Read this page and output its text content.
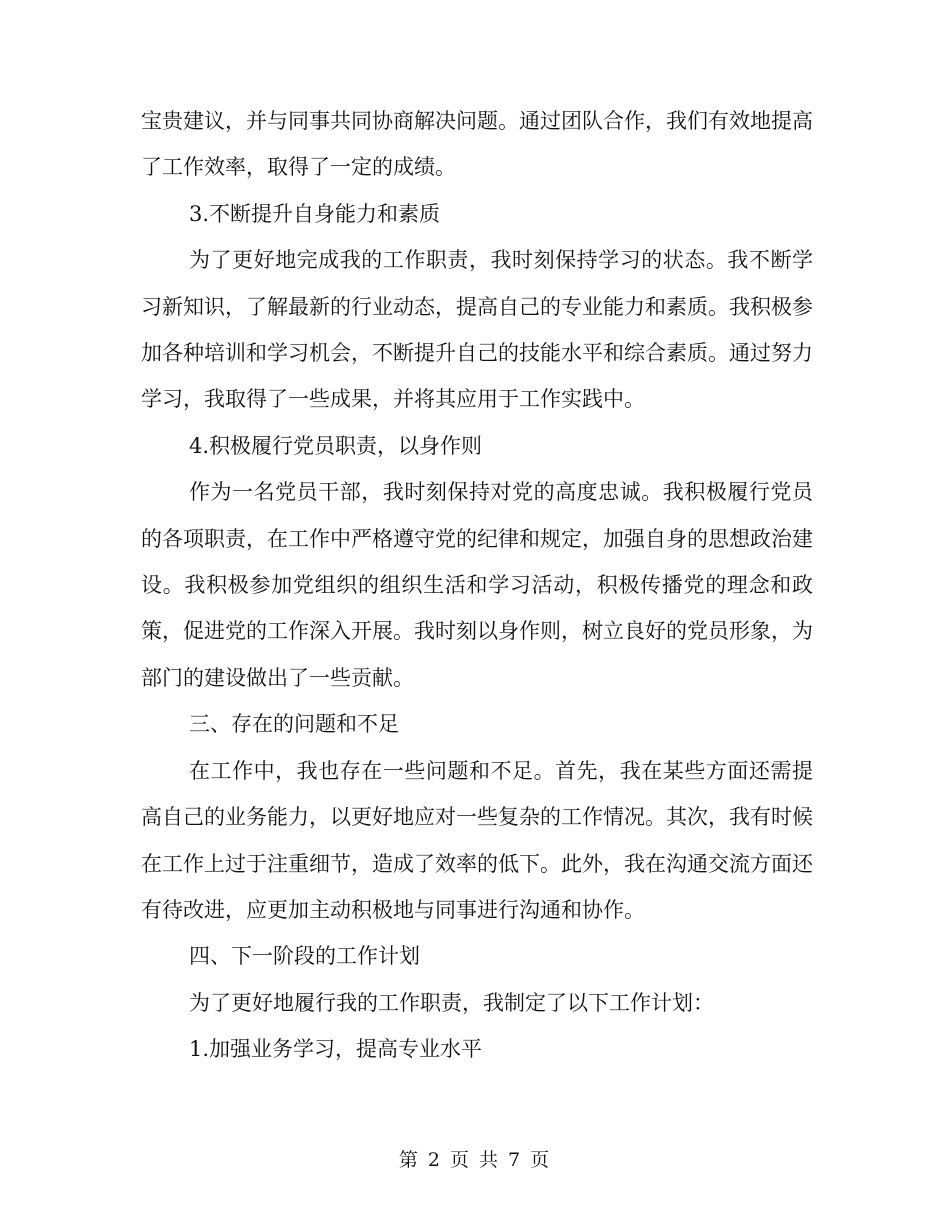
宝贵建议，并与同事共同协商解决问题。通过团队合作，我们有效地提高了工作效率，取得了一定的成绩。

3.不断提升自身能力和素质

为了更好地完成我的工作职责，我时刻保持学习的状态。我不断学习新知识，了解最新的行业动态，提高自己的专业能力和素质。我积极参加各种培训和学习机会，不断提升自己的技能水平和综合素质。通过努力学习，我取得了一些成果，并将其应用于工作实践中。

4.积极履行党员职责，以身作则

作为一名党员干部，我时刻保持对党的高度忠诚。我积极履行党员的各项职责，在工作中严格遵守党的纪律和规定，加强自身的思想政治建设。我积极参加党组织的组织生活和学习活动，积极传播党的理念和政策，促进党的工作深入开展。我时刻以身作则，树立良好的党员形象，为部门的建设做出了一些贡献。

三、存在的问题和不足

在工作中，我也存在一些问题和不足。首先，我在某些方面还需提高自己的业务能力，以更好地应对一些复杂的工作情况。其次，我有时候在工作上过于注重细节，造成了效率的低下。此外，我在沟通交流方面还有待改进，应更加主动积极地与同事进行沟通和协作。

四、下一阶段的工作计划

为了更好地履行我的工作职责，我制定了以下工作计划：

1.加强业务学习，提高专业水平

第 2 页 共 7 页
